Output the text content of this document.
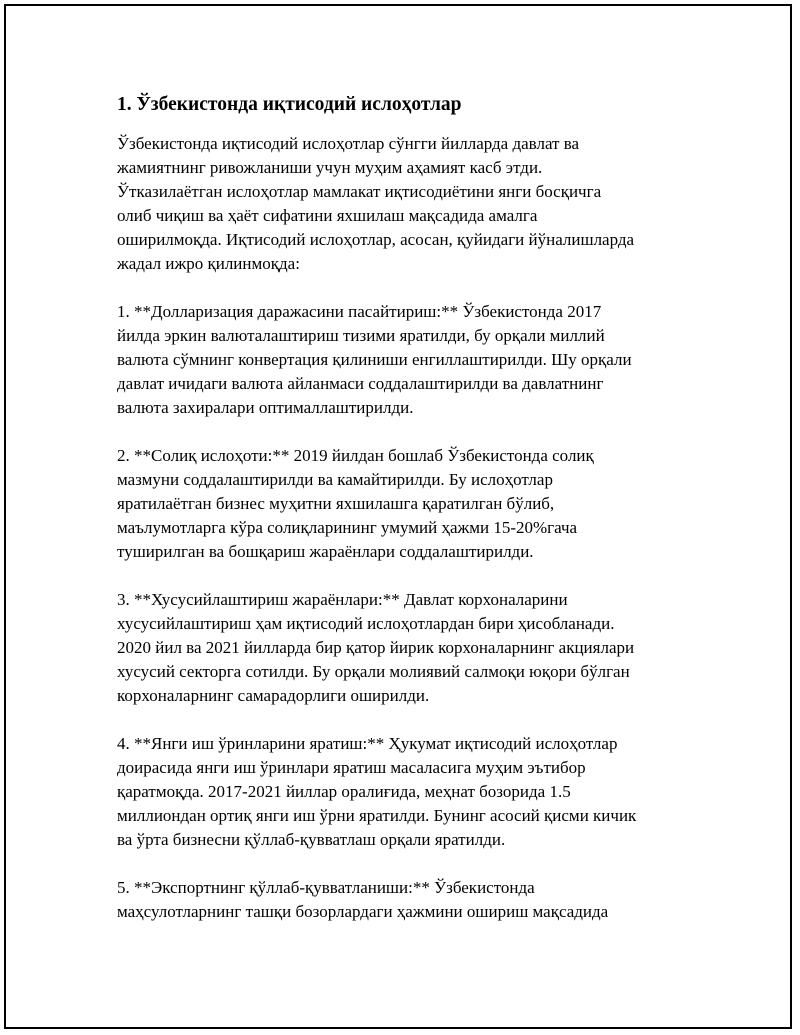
1. Ўзбекистонда иқтисодий ислоҳотлар

Ўзбекистонда иқтисодий ислоҳотлар сўнгги йилларда давлат ва
жамиятнинг ривожланиши учун муҳим аҳамият касб этди.
Ўтказилаётган ислоҳотлар мамлакат иқтисодиётини янги босқичга
олиб чиқиш ва ҳаёт сифатини яхшилаш мақсадида амалга
оширилмоқда. Иқтисодий ислоҳотлар, асосан, қуйидаги йўналишларда
жадал ижро қилинмоқда:

1. **Долларизация даражасини пасайтириш:** Ўзбекистонда 2017
йилда эркин валюталаштириш тизими яратилди, бу орқали миллий
валюта сўмнинг конвертация қилиниши енгиллаштирилди. Шу орқали
давлат ичидаги валюта айланмаси соддалаштирилди ва давлатнинг
валюта захиралари оптималлаштирилди.

2. **Солиқ ислоҳоти:** 2019 йилдан бошлаб Ўзбекистонда солиқ
мазмуни соддалаштирилди ва камайтирилди. Бу ислоҳотлар
яратилаётган бизнес муҳитни яхшилашга қаратилган бўлиб,
маълумотларга кўра солиқларининг умумий ҳажми 15-20%гача
туширилган ва бошқариш жараёнлари соддалаштирилди.

3. **Хусусийлаштириш жараёнлари:** Давлат корхоналарини
хусусийлаштириш ҳам иқтисодий ислоҳотлардан бири ҳисобланади.
2020 йил ва 2021 йилларда бир қатор йирик корхоналарнинг акциялари
хусусий секторга сотилди. Бу орқали молиявий салмоқи юқори бўлган
корхоналарнинг самарадорлиги оширилди.

4. **Янги иш ўринларини яратиш:** Ҳукумат иқтисодий ислоҳотлар
доирасида янги иш ўринлари яратиш масаласига муҳим эътибор
қаратмоқда. 2017-2021 йиллар оралиғида, меҳнат бозорида 1.5
миллиондан ортиқ янги иш ўрни яратилди. Бунинг асосий қисми кичик
ва ўрта бизнесни қўллаб-қувватлаш орқали яратилди.

5. **Экспортнинг қўллаб-қувватланиши:** Ўзбекистонда
маҳсулотларнинг ташқи бозорлардаги ҳажмини ошириш мақсадида
